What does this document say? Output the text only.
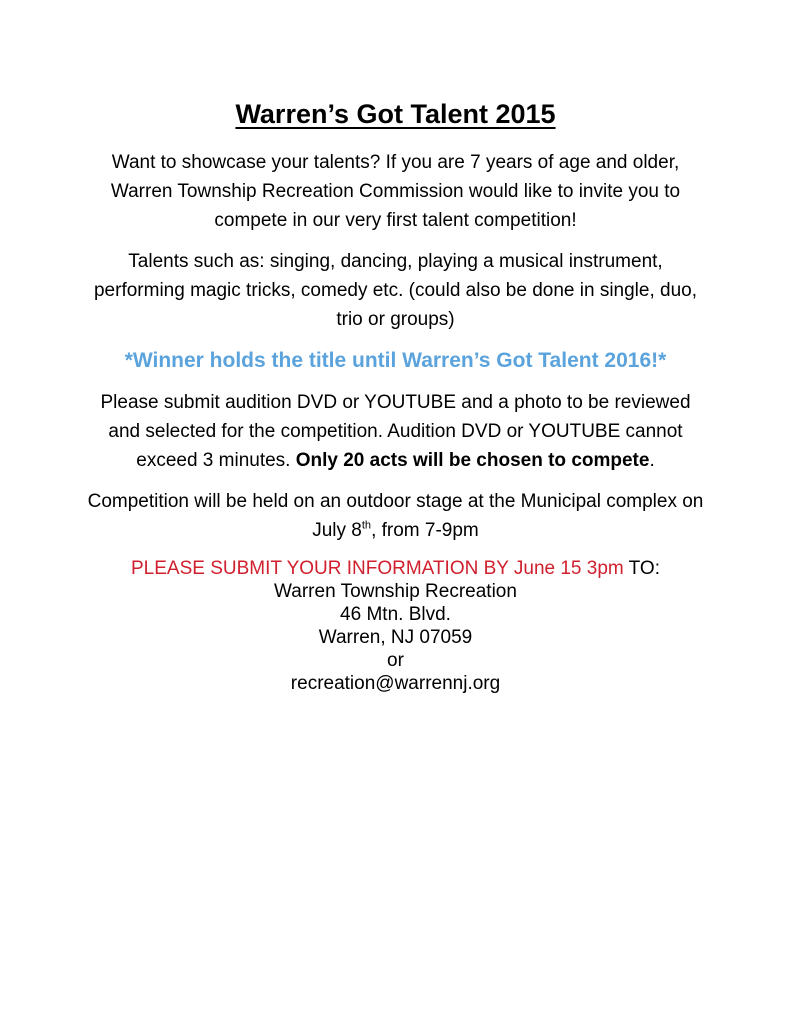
Warren’s Got Talent 2015
Want to showcase your talents? If you are 7 years of age and older, Warren Township Recreation Commission would like to invite you to compete in our very first talent competition!
Talents such as: singing, dancing, playing a musical instrument, performing magic tricks, comedy etc. (could also be done in single, duo, trio or groups)
*Winner holds the title until Warren’s Got Talent 2016!*
Please submit audition DVD or YOUTUBE and a photo to be reviewed and selected for the competition. Audition DVD or YOUTUBE cannot exceed 3 minutes. Only 20 acts will be chosen to compete.
Competition will be held on an outdoor stage at the Municipal complex on July 8th, from 7-9pm
PLEASE SUBMIT YOUR INFORMATION BY June 15 3pm TO:
Warren Township Recreation
46 Mtn. Blvd.
Warren, NJ 07059
or
recreation@warrennj.org
